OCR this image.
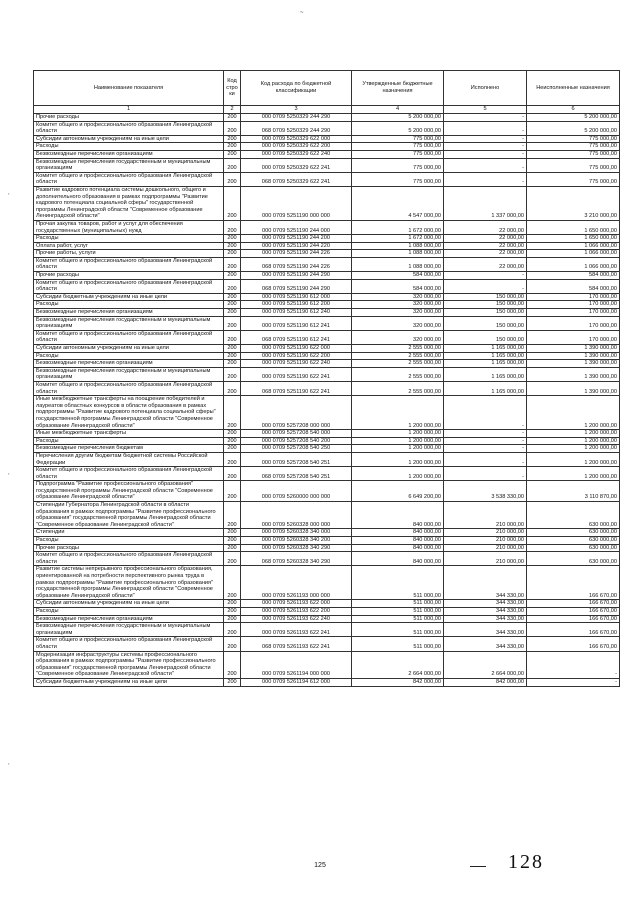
~
,
,
,
Наименование показателя	Код стро ки	Код расхода по бюджетной классификации	Утвержденные бюджетные назначения	Исполнено	Неисполненные назначения
1	2	3	4	5	6
Прочие расходы	200	000 0709 5250329 244 290	5 200 000,00	-	5 200 000,00
Комитет общего и профессионального образования Ленинградской области	200	068 0709 5250329 244 290	5 200 000,00	-	5 200 000,00
Субсидии автономным учреждениям на иные цели	200	000 0709 5250329 622 000	775 000,00	-	775 000,00
Расходы	200	000 0709 5250329 622 200	775 000,00	-	775 000,00
Безвозмездные перечисления организациям	200	000 0709 5250329 622 240	775 000,00	-	775 000,00
Безвозмездные перечисления государственным и муниципальным организациям	200	000 0709 5250329 622 241	775 000,00	-	775 000,00
Комитет общего и профессионального образования Ленинградской области	200	068 0709 5250329 622 241	775 000,00	-	775 000,00
Развитие кадрового потенциала системы дошкольного, общего и дополнительного образования в рамках подпрограммы "Развитие кадрового потенциала социальной сферы" государственной программы Ленинградской области "Современное образование Ленинградской области"	200	000 0709 5251190 000 000	4 547 000,00	1 337 000,00	3 210 000,00
Прочая закупка товаров, работ и услуг для обеспечения государственных (муниципальных) нужд	200	000 0709 5251190 244 000	1 672 000,00	22 000,00	1 650 000,00
Расходы	200	000 0709 5251190 244 200	1 672 000,00	22 000,00	1 650 000,00
Оплата работ, услуг	200	000 0709 5251190 244 220	1 088 000,00	22 000,00	1 066 000,00
Прочие работы, услуги	200	000 0709 5251190 244 226	1 088 000,00	22 000,00	1 066 000,00
Комитет общего и профессионального образования Ленинградской области	200	068 0709 5251190 244 226	1 088 000,00	22 000,00	1 066 000,00
Прочие расходы	200	000 0709 5251190 244 290	584 000,00	-	584 000,00
Комитет общего и профессионального образования Ленинградской области	200	068 0709 5251190 244 290	584 000,00	-	584 000,00
Субсидии бюджетным учреждениям на иные цели	200	000 0709 5251190 612 000	320 000,00	150 000,00	170 000,00
Расходы	200	000 0709 5251190 612 200	320 000,00	150 000,00	170 000,00
Безвозмездные перечисления организациям	200	000 0709 5251190 612 240	320 000,00	150 000,00	170 000,00
Безвозмездные перечисления государственным и муниципальным организациям	200	000 0709 5251190 612 241	320 000,00	150 000,00	170 000,00
Комитет общего и профессионального образования Ленинградской области	200	068 0709 5251190 612 241	320 000,00	150 000,00	170 000,00
Субсидии автономным учреждениям на иные цели	200	000 0709 5251190 622 000	2 555 000,00	1 165 000,00	1 390 000,00
Расходы	200	000 0709 5251190 622 200	2 555 000,00	1 165 000,00	1 390 000,00
Безвозмездные перечисления организациям	200	000 0709 5251190 622 240	2 555 000,00	1 165 000,00	1 390 000,00
Безвозмездные перечисления государственным и муниципальным организациям	200	000 0709 5251190 622 241	2 555 000,00	1 165 000,00	1 390 000,00
Комитет общего и профессионального образования Ленинградской области	200	068 0709 5251190 622 241	2 555 000,00	1 165 000,00	1 390 000,00
Иные межбюджетные трансферты на поощрение победителей и лауреатов областных конкурсов в области образования в рамках подпрограммы "Развитие кадрового потенциала социальной сферы" государственной программы Ленинградской области "Современное образование Ленинградской области"	200	000 0709 5257208 000 000	1 200 000,00	-	1 200 000,00
Иные межбюджетные трансферты	200	000 0709 5257208 540 000	1 200 000,00	-	1 200 000,00
Расходы	200	000 0709 5257208 540 200	1 200 000,00	-	1 200 000,00
Безвозмездные перечисления бюджетам	200	000 0709 5257208 540 250	1 200 000,00	-	1 200 000,00
Перечисления другим бюджетам бюджетной системы Российской Федерации	200	000 0709 5257208 540 251	1 200 000,00	-	1 200 000,00
Комитет общего и профессионального образования Ленинградской области	200	068 0709 5257208 540 251	1 200 000,00	-	1 200 000,00
Подпрограмма "Развитие профессионального образования" государственной программы Ленинградской области "Современное образование Ленинградской области"	200	000 0709 5260000 000 000	6 649 200,00	3 538 330,00	3 110 870,00
Стипендии Губернатора Ленинградской области в области образования в рамках подпрограммы "Развитие профессионального образования" государственной программы Ленинградской области "Современное образование Ленинградской области"	200	000 0709 5260328 000 000	840 000,00	210 000,00	630 000,00
Стипендии	200	000 0709 5260328 340 000	840 000,00	210 000,00	630 000,00
Расходы	200	000 0709 5260328 340 200	840 000,00	210 000,00	630 000,00
Прочие расходы	200	000 0709 5260328 340 290	840 000,00	210 000,00	630 000,00
Комитет общего и профессионального образования Ленинградской области	200	068 0709 5260328 340 290	840 000,00	210 000,00	630 000,00
Развитие системы непрерывного профессионального образования, ориентированной на потребности перспективного рынка труда в рамках подпрограммы "Развитие профессионального образования" государственной программы Ленинградской области "Современное образование Ленинградской области"	200	000 0709 5261193 000 000	511 000,00	344 330,00	166 670,00
Субсидии автономным учреждениям на иные цели	200	000 0709 5261193 622 000	511 000,00	344 330,00	166 670,00
Расходы	200	000 0709 5261193 622 200	511 000,00	344 330,00	166 670,00
Безвозмездные перечисления организациям	200	000 0709 5261193 622 240	511 000,00	344 330,00	166 670,00
Безвозмездные перечисления государственным и муниципальным организациям	200	000 0709 5261193 622 241	511 000,00	344 330,00	166 670,00
Комитет общего и профессионального образования Ленинградской области	200	068 0709 5261193 622 241	511 000,00	344 330,00	166 670,00
Модернизация инфраструктуры системы профессионального образования в рамках подпрограммы "Развитие профессионального образования" государственной программы Ленинградской области "Современное образование Ленинградской области"	200	000 0709 5261194 000 000	2 664 000,00	2 664 000,00	-
Субсидии бюджетным учреждениям на иные цели	200	000 0709 5261194 612 000	842 000,00	842 000,00	-
125	128
